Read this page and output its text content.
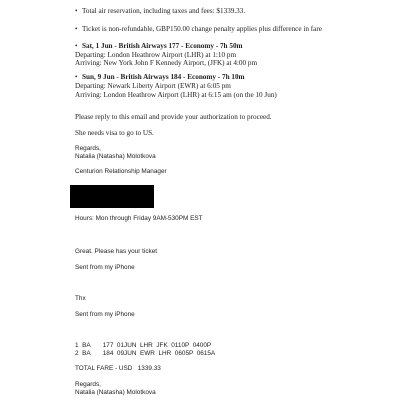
• Total air reservation, including taxes and fees: $1339.33.
• Ticket is non-refundable, GBP150.00 change penalty applies plus difference in fare
• Sat, 1 Jun - British Airways 177 - Economy - 7h 50m
Departing: London Heathrow Airport (LHR) at 1:10 pm
Arriving: New York John F Kennedy Airport, (JFK) at 4:00 pm
• Sun, 9 Jun - British Airways 184 - Economy - 7h 10m
Departing: Newark Liberty Airport (EWR) at 6:05 pm
Arriving: London Heathrow Airport (LHR) at 6:15 am (on the 10 Jun)
Please reply to this email and provide your authorization to proceed.
She needs visa to go to US.
Regards,
Natalia (Natasha) Molotkova
Centurion Relationship Manager
Hours: Mon through Friday 9AM-530PM EST
Great. Please has your ticket
Sent from my iPhone
Thx
Sent from my iPhone
1  BA       177  01JUN  LHR  JFK  0110P  0400P
2  BA       184  09JUN  EWR  LHR  0605P  0615A
TOTAL FARE - USD   1339.33
Regards,
Natalia (Natasha) Molotkova
